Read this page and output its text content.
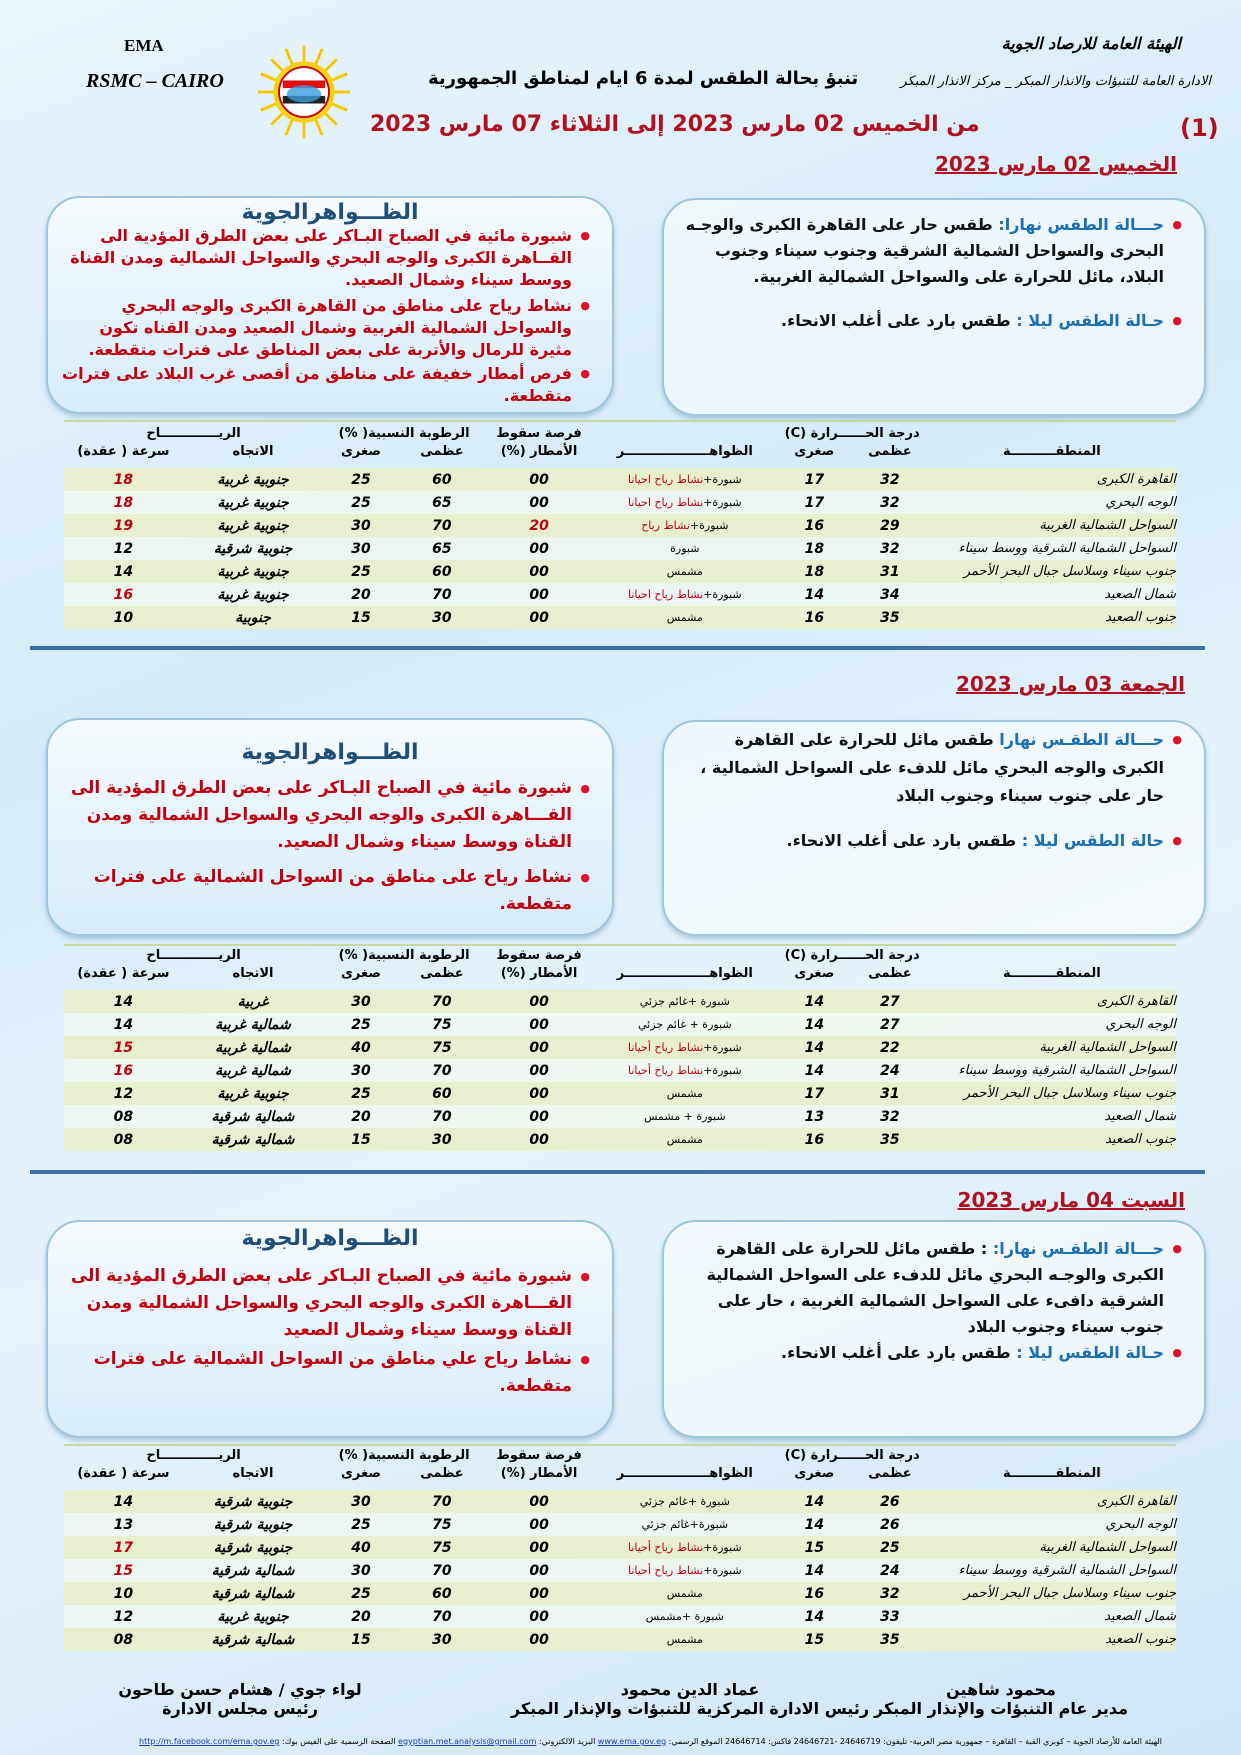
EMA
RSMC – CAIRO
الهيئة العامة للارصاد الجوية
الادارة العامة للتنبؤات والانذار المبكر _ مركز الانذار المبكر
تنبؤ بحالة الطقس لمدة 6 ايام لمناطق الجمهورية
من الخميس 02 مارس 2023 إلى الثلاثاء 07 مارس 2023	(1)
الخميس 02 مارس 2023
● حـــالة الطقس نهارا: طقس حار على القاهرة الكبرى والوجـه البحرى والسواحل الشمالية الشرقية وجنوب سيناء وجنوب البلاد، مائل للحرارة على والسواحل الشمالية الغربية.
● حـالة الطقس ليلا : طقس بارد على أغلب الانحاء.
الظـــواهرالجوية
● شبورة مائية في الصباح البـاكر على بعض الطرق المؤدية الى القــاهرة الكبرى والوجه البحري والسواحل الشمالية ومدن القناة ووسط سيناء وشمال الصعيد.
● نشاط رياح على مناطق من القاهرة الكبرى والوجه البحري والسواحل الشمالية الغربية وشمال الصعيد ومدن القناه تكون مثيرة للرمال والأتربة على بعض المناطق على فترات متقطعة.
● فرص أمطار خفيفة على مناطق من أقصى غرب البلاد على فترات متقطعة.
	درجة الحــــــرارة (C)			فرصة سقوط	الرطوبة النسبية( %)		الريـــــــــــــاح	
المنطقــــــــــة	عظمى	صغرى	الظواهـــــــــــــــــــر	الأمطار (%)	عظمى	صغرى	الاتجاه	سرعة ( عقدة)

القاهرة الكبرى	32	17	شبورة+نشاط رياح احيانا	00	60	25	جنوبية غربية	18
الوجه البحري	32	17	شبورة+نشاط رياح احيانا	00	65	25	جنوبية غربية	18
السواحل الشمالية الغربية	29	16	شبورة+نشاط رياح	20	70	30	جنوبية غربية	19
السواحل الشمالية الشرقية ووسط سيناء	32	18	شبورة	00	65	30	جنوبية شرقية	12
جنوب سيناء وسلاسل جبال البحر الأحمر	31	18	مشمس	00	60	25	جنوبية غربية	14
شمال الصعيد	34	14	شبورة+نشاط رياح احيانا	00	70	20	جنوبية غربية	16
جنوب الصعيد	35	16	مشمس	00	30	15	جنوبية	10
الجمعة 03 مارس 2023
● حـــالة الطقـس نهارا طقس مائل للحرارة على القاهرة الكبرى والوجه البحري مائل للدفء على السواحل الشمالية ، حار على جنوب سيناء وجنوب البلاد
● حالة الطقس ليلا : طقس بارد على أغلب الانحاء.
الظـــواهرالجوية
● شبورة مائية في الصباح البـاكر على بعض الطرق المؤدية الى القـــاهرة الكبرى والوجه البحري والسواحل الشمالية ومدن القناة ووسط سيناء وشمال الصعيد.
● نشاط رياح على مناطق من السواحل الشمالية على فترات متقطعة.
	درجة الحــــــرارة (C)			فرصة سقوط	الرطوبة النسبية( %)		الريـــــــــــــاح	
المنطقــــــــــة	عظمى	صغرى	الظواهـــــــــــــــــــر	الأمطار (%)	عظمى	صغرى	الاتجاه	سرعة ( عقدة)

القاهرة الكبرى	27	14	شبورة +غائم جزئي	00	70	30	غربية	14
الوجه البحري	27	14	شبورة + غائم جزئي	00	75	25	شمالية غربية	14
السواحل الشمالية الغربية	22	14	شبورة+نشاط رياح أحيانا	00	75	40	شمالية غربية	15
السواحل الشمالية الشرقية ووسط سيناء	24	14	شبورة+نشاط رياح أحيانا	00	70	30	شمالية غربية	16
جنوب سيناء وسلاسل جبال البحر الأحمر	31	17	مشمس	00	60	25	جنوبية غربية	12
شمال الصعيد	32	13	شبورة + مشمس	00	70	20	شمالية شرقية	08
جنوب الصعيد	35	16	مشمس	00	30	15	شمالية شرقية	08
السبت 04 مارس 2023
● حـــالة الطقـس نهارا: : طقس مائل للحرارة على القاهرة الكبرى والوجـه البحري مائل للدفء على السواحل الشمالية الشرقية دافىء على السواحل الشمالية الغربية ، حار على جنوب سيناء وجنوب البلاد
● حـالة الطقس ليلا : طقس بارد على أغلب الانحاء.
الظـــواهرالجوية
● شبورة مائية في الصباح البـاكر على بعض الطرق المؤدية الى القـــاهرة الكبرى والوجه البحري والسواحل الشمالية ومدن القناة ووسط سيناء وشمال الصعيد
● نشاط رياح علي مناطق من السواحل الشمالية على فترات متقطعة.
	درجة الحــــــرارة (C)			فرصة سقوط	الرطوبة النسبية( %)		الريـــــــــــــاح	
المنطقــــــــــة	عظمى	صغرى	الظواهـــــــــــــــــــر	الأمطار (%)	عظمى	صغرى	الاتجاه	سرعة ( عقدة)

القاهرة الكبرى	26	14	شبورة +غائم جزئي	00	70	30	جنوبية شرقية	14
الوجه البحري	26	14	شبورة+غائم جزئي	00	75	25	جنوبية شرقية	13
السواحل الشمالية الغربية	25	15	شبورة+نشاط رياح أحيانا	00	75	40	جنوبية شرقية	17
السواحل الشمالية الشرقية ووسط سيناء	24	14	شبورة+نشاط رياح أحيانا	00	70	30	شمالية شرقية	15
جنوب سيناء وسلاسل جبال البحر الأحمر	32	16	مشمس	00	60	25	شمالية شرقية	10
شمال الصعيد	33	14	شبورة +مشمس	00	70	20	جنوبية غربية	12
جنوب الصعيد	35	15	مشمس	00	30	15	شمالية شرقية	08
محمود شاهين
مدير عام التنبؤات والإنذار المبكر
عماد الدين محمود
رئيس الادارة المركزية للتنبؤات والإنذار المبكر
لواء جوي / هشام حسن طاحون
رئيس مجلس الادارة
الهيئة العامة للأرصاد الجوية – كوبري القبة – القاهرة – جمهورية مصر العربية- تليفون: 24646719 -24646721 فاكس: 24646714 الموقع الرسمي: www.ema.gov.eg البريد الالكتروني: egyptian.met.analysis@gmail.com الصفحة الرسمية على الفيس بوك: http://m.facebook.com/ema.gov.eg
